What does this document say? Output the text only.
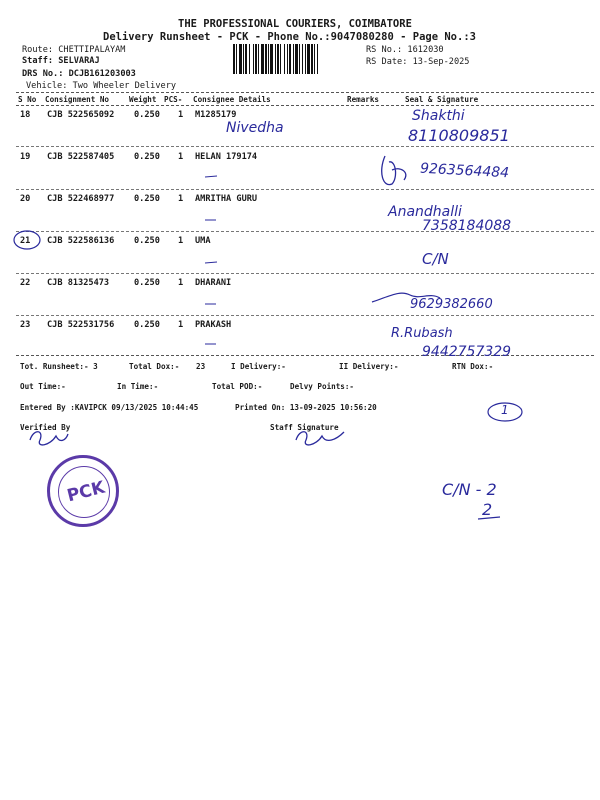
THE PROFESSIONAL COURIERS, COIMBATORE
Delivery Runsheet - PCK - Phone No.:9047080280 - Page No.:3
Route: CHETTIPALAYAM
Staff: SELVARAJ
DRS No.: DCJB161203003
Vehicle: Two Wheeler Delivery
RS No.: 1612030
RS Date: 13-Sep-2025
S No Consignment No	Weight PCS- Consignee Details	Remarks	Seal & Signature
18 CJB 522565092 0.250 1 M1285179
19 CJB 522587405 0.250 1 HELAN 179174
20 CJB 522468977 0.250 1 AMRITHA GURU
21 CJB 522586136 0.250 1 UMA
22 CJB 81325473	0.250 1 DHARANI
23 CJB 522531756 0.250 1 PRAKASH
Tot. Runsheet:- 3	Total Dox:- 23	I Delivery:-	II Delivery:-	RTN Dox:-
Out Time:-	In Time:-	Total POD:-	Delvy Points:-
Entered By :KAVIPCK 09/13/2025 10:44:45	Printed On: 13-09-2025 10:56:20
Verified By	Staff Signature
Nivedha
Shakthi
8110809851
9263564484
Anandhalli
7358184088
C/N
9629382660
R.Rubash
9442757329
1
C/N - 2
2
PCK
